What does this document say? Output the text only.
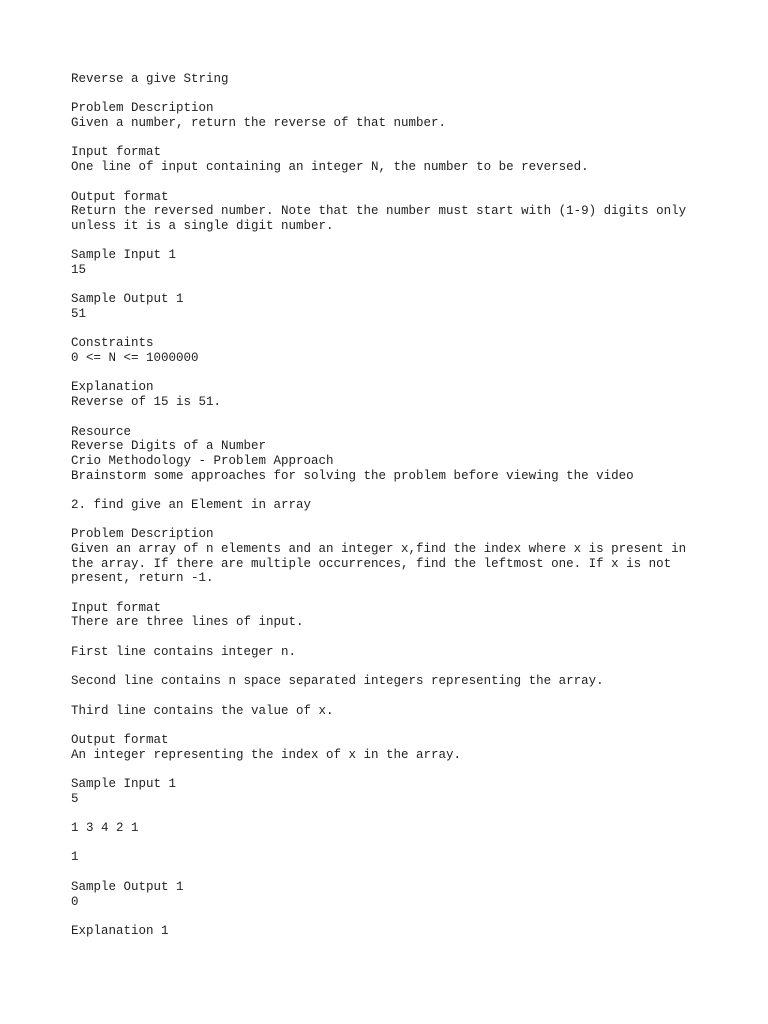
Reverse a give String
Problem Description
Given a number, return the reverse of that number.
Input format
One line of input containing an integer N, the number to be reversed.
Output format
Return the reversed number. Note that the number must start with (1-9) digits only
unless it is a single digit number.
Sample Input 1
15
Sample Output 1
51
Constraints
0 <= N <= 1000000
Explanation
Reverse of 15 is 51.
Resource
Reverse Digits of a Number
Crio Methodology - Problem Approach
Brainstorm some approaches for solving the problem before viewing the video
2. find give an Element in array
Problem Description
Given an array of n elements and an integer x,find the index where x is present in
the array. If there are multiple occurrences, find the leftmost one. If x is not
present, return -1.
Input format
There are three lines of input.
First line contains integer n.
Second line contains n space separated integers representing the array.
Third line contains the value of x.
Output format
An integer representing the index of x in the array.
Sample Input 1
5
1 3 4 2 1
1
Sample Output 1
0
Explanation 1
